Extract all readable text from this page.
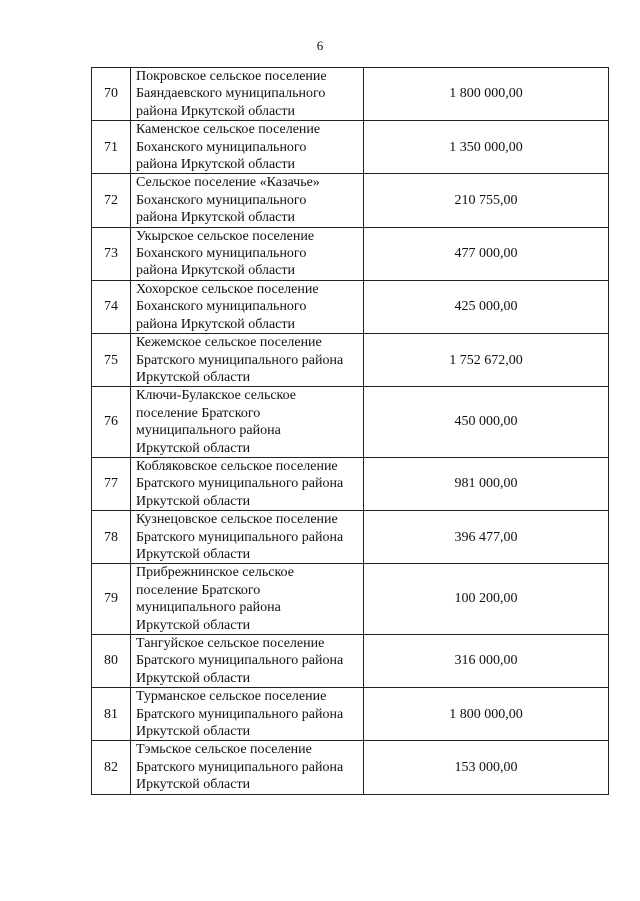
6
70	Покровское сельское поселение
Баяндаевского муниципального
района Иркутской области	1 800 000,00
71	Каменское сельское поселение
Боханского муниципального
района Иркутской области	1 350 000,00
72	Сельское поселение «Казачье»
Боханского муниципального
района Иркутской области	210 755,00
73	Укырское сельское поселение
Боханского муниципального
района Иркутской области	477 000,00
74	Хохорское сельское поселение
Боханского муниципального
района Иркутской области	425 000,00
75	Кежемское сельское поселение
Братского муниципального района
Иркутской области	1 752 672,00
76	Ключи-Булакское сельское
поселение Братского
муниципального района
Иркутской области	450 000,00
77	Кобляковское сельское поселение
Братского муниципального района
Иркутской области	981 000,00
78	Кузнецовское сельское поселение
Братского муниципального района
Иркутской области	396 477,00
79	Прибрежнинское сельское
поселение Братского
муниципального района
Иркутской области	100 200,00
80	Тангуйское сельское поселение
Братского муниципального района
Иркутской области	316 000,00
81	Турманское сельское поселение
Братского муниципального района
Иркутской области	1 800 000,00
82	Тэмьское сельское поселение
Братского муниципального района
Иркутской области	153 000,00
